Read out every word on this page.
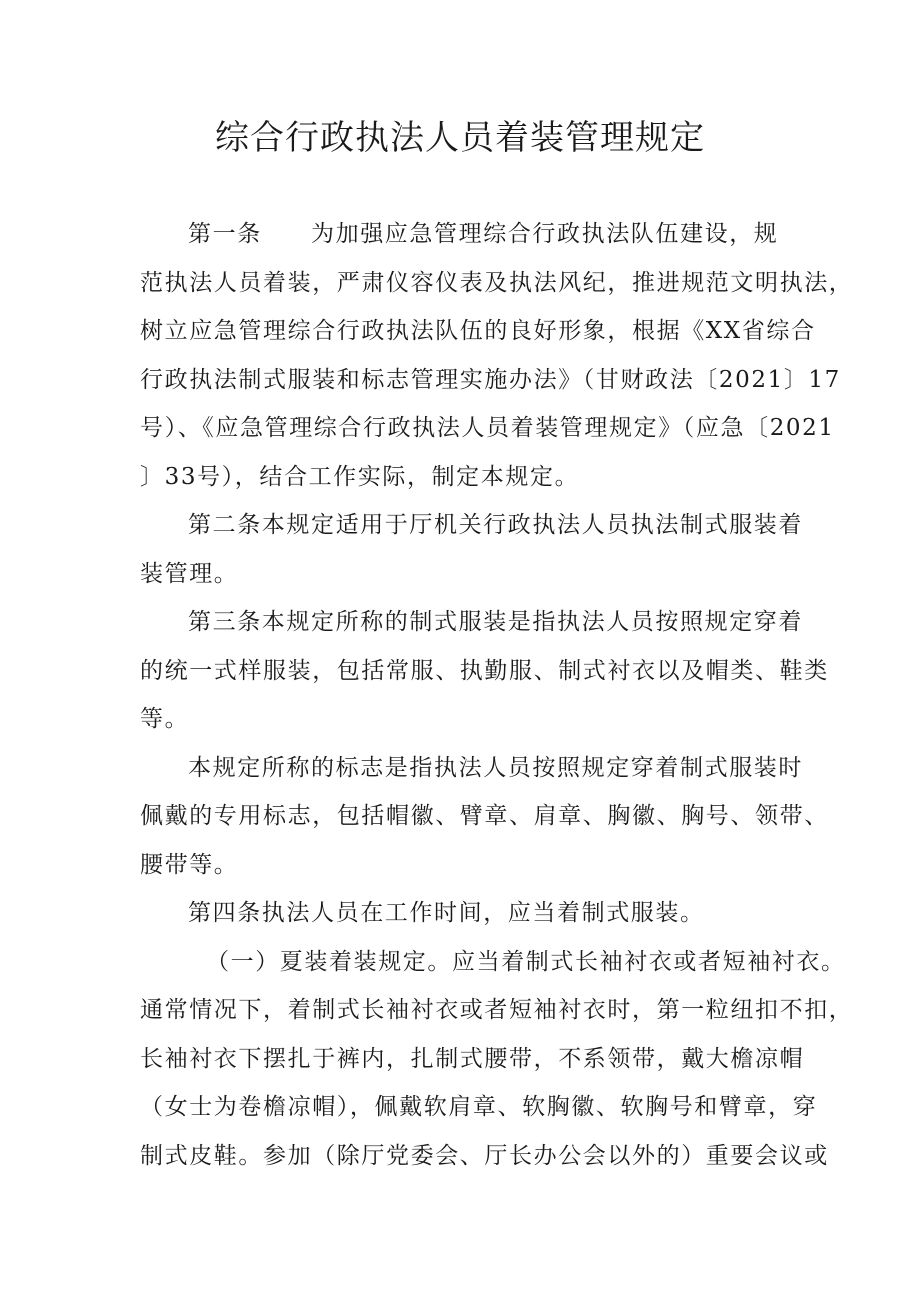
综合行政执法人员着装管理规定
第一条　　为加强应急管理综合行政执法队伍建设，规
范执法人员着装，严肃仪容仪表及执法风纪，推进规范文明执法，
树立应急管理综合行政执法队伍的良好形象，根据《XX省综合
行政执法制式服装和标志管理实施办法》（甘财政法〔2021〕17
号）、《应急管理综合行政执法人员着装管理规定》（应急〔2021
〕33号），结合工作实际，制定本规定。
第二条本规定适用于厅机关行政执法人员执法制式服装着
装管理。
第三条本规定所称的制式服装是指执法人员按照规定穿着
的统一式样服装，包括常服、执勤服、制式衬衣以及帽类、鞋类
等。
本规定所称的标志是指执法人员按照规定穿着制式服装时
佩戴的专用标志，包括帽徽、臂章、肩章、胸徽、胸号、领带、
腰带等。
第四条执法人员在工作时间，应当着制式服装。
（一）夏装着装规定。应当着制式长袖衬衣或者短袖衬衣。
通常情况下，着制式长袖衬衣或者短袖衬衣时，第一粒纽扣不扣，
长袖衬衣下摆扎于裤内，扎制式腰带，不系领带，戴大檐凉帽
（女士为卷檐凉帽），佩戴软肩章、软胸徽、软胸号和臂章，穿
制式皮鞋。参加（除厅党委会、厅长办公会以外的）重要会议或
